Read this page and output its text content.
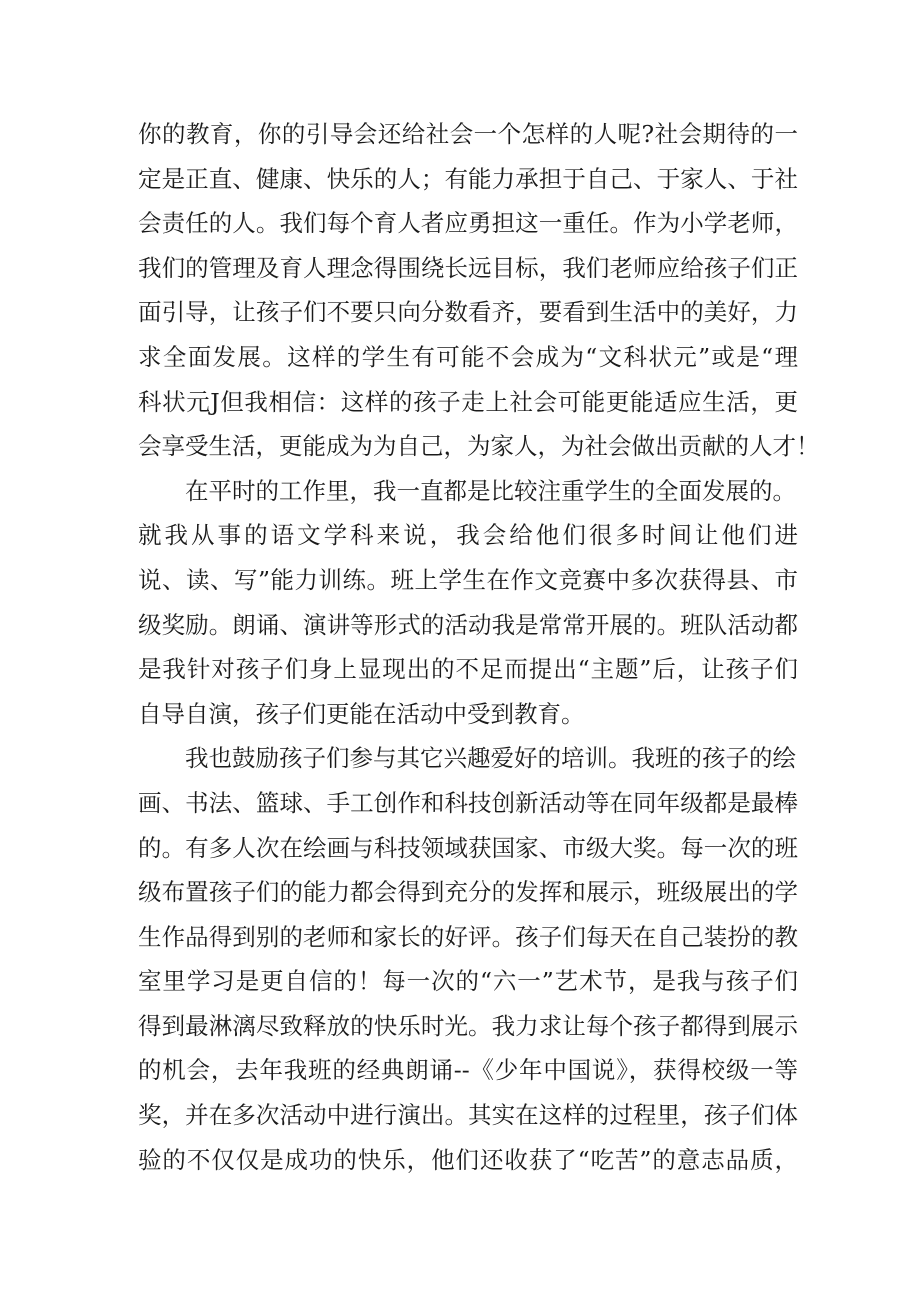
你的教育，你的引导会还给社会一个怎样的人呢?社会期待的一
定是正直、健康、快乐的人；有能力承担于自己、于家人、于社
会责任的人。我们每个育人者应勇担这一重任。作为小学老师，
我们的管理及育人理念得围绕长远目标，我们老师应给孩子们正
面引导，让孩子们不要只向分数看齐，要看到生活中的美好，力
求全面发展。这样的学生有可能不会成为“文科状元”或是“理
科状元J但我相信：这样的孩子走上社会可能更能适应生活，更
会享受生活，更能成为为自己，为家人，为社会做出贡献的人才！
在平时的工作里，我一直都是比较注重学生的全面发展的。
就我从事的语文学科来说，我会给他们很多时间让他们进
说、读、写”能力训练。班上学生在作文竞赛中多次获得县、市
级奖励。朗诵、演讲等形式的活动我是常常开展的。班队活动都
是我针对孩子们身上显现出的不足而提出“主题”后，让孩子们
自导自演，孩子们更能在活动中受到教育。
我也鼓励孩子们参与其它兴趣爱好的培训。我班的孩子的绘
画、书法、篮球、手工创作和科技创新活动等在同年级都是最棒
的。有多人次在绘画与科技领域获国家、市级大奖。每一次的班
级布置孩子们的能力都会得到充分的发挥和展示，班级展出的学
生作品得到别的老师和家长的好评。孩子们每天在自己装扮的教
室里学习是更自信的！每一次的“六一”艺术节，是我与孩子们
得到最淋漓尽致释放的快乐时光。我力求让每个孩子都得到展示
的机会，去年我班的经典朗诵--《少年中国说》，获得校级一等
奖，并在多次活动中进行演出。其实在这样的过程里，孩子们体
验的不仅仅是成功的快乐，他们还收获了“吃苦”的意志品质，
